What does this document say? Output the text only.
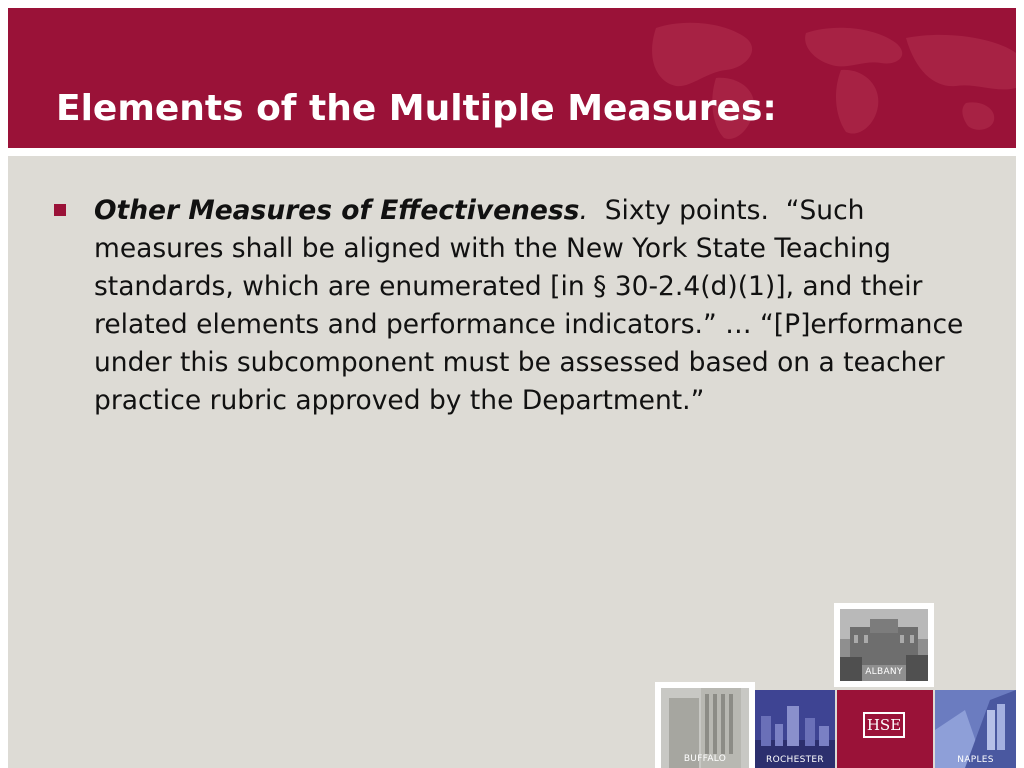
Elements of the Multiple Measures:
Other Measures of Effectiveness.  Sixty points.  “Such measures shall be aligned with the New York State Teaching standards, which are enumerated [in § 30-2.4(d)(1)], and their related elements and performance indicators.” … “[P]erformance under this subcomponent must be assessed based on a teacher practice rubric approved by the Department.”
ALBANY
BUFFALO	ROCHESTER
HSE
NAPLES
